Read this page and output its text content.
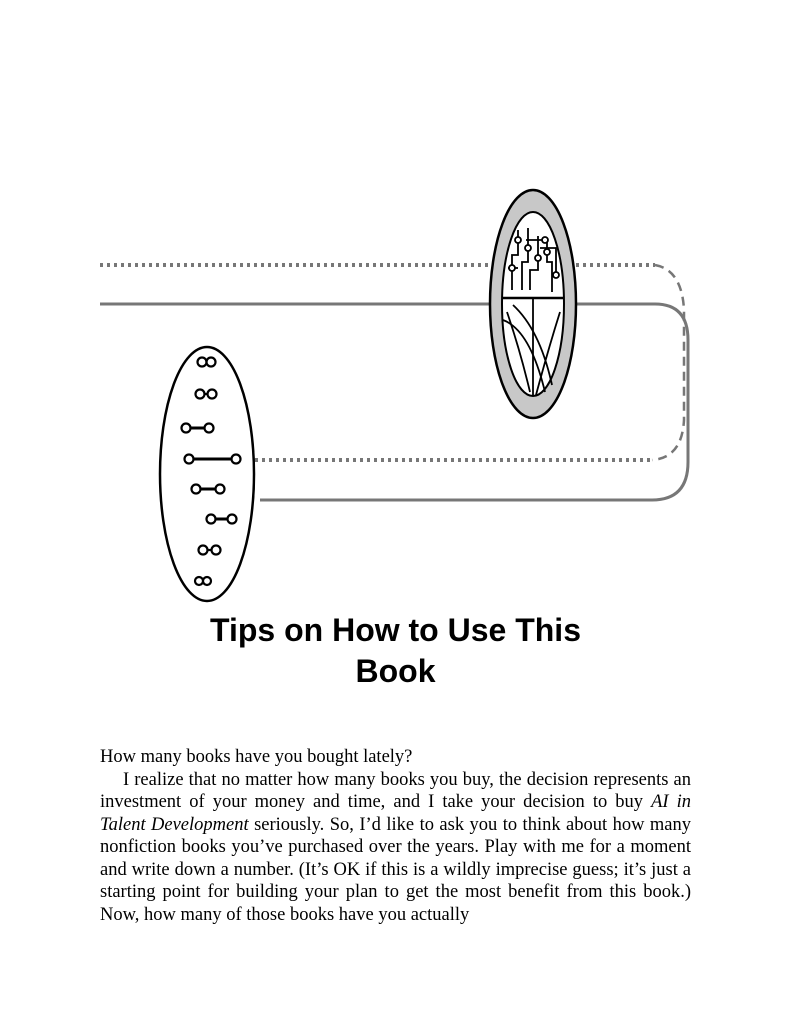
Tips on How to Use This
Book

How many books have you bought lately?

I realize that no matter how many books you buy, the decision represents an investment of your money and time, and I take your decision to buy AI in Talent Development seriously. So, I’d like to ask you to think about how many nonfiction books you’ve purchased over the years. Play with me for a moment and write down a number. (It’s OK if this is a wildly imprecise guess; it’s just a starting point for building your plan to get the most benefit from this book.) Now, how many of those books have you actually
